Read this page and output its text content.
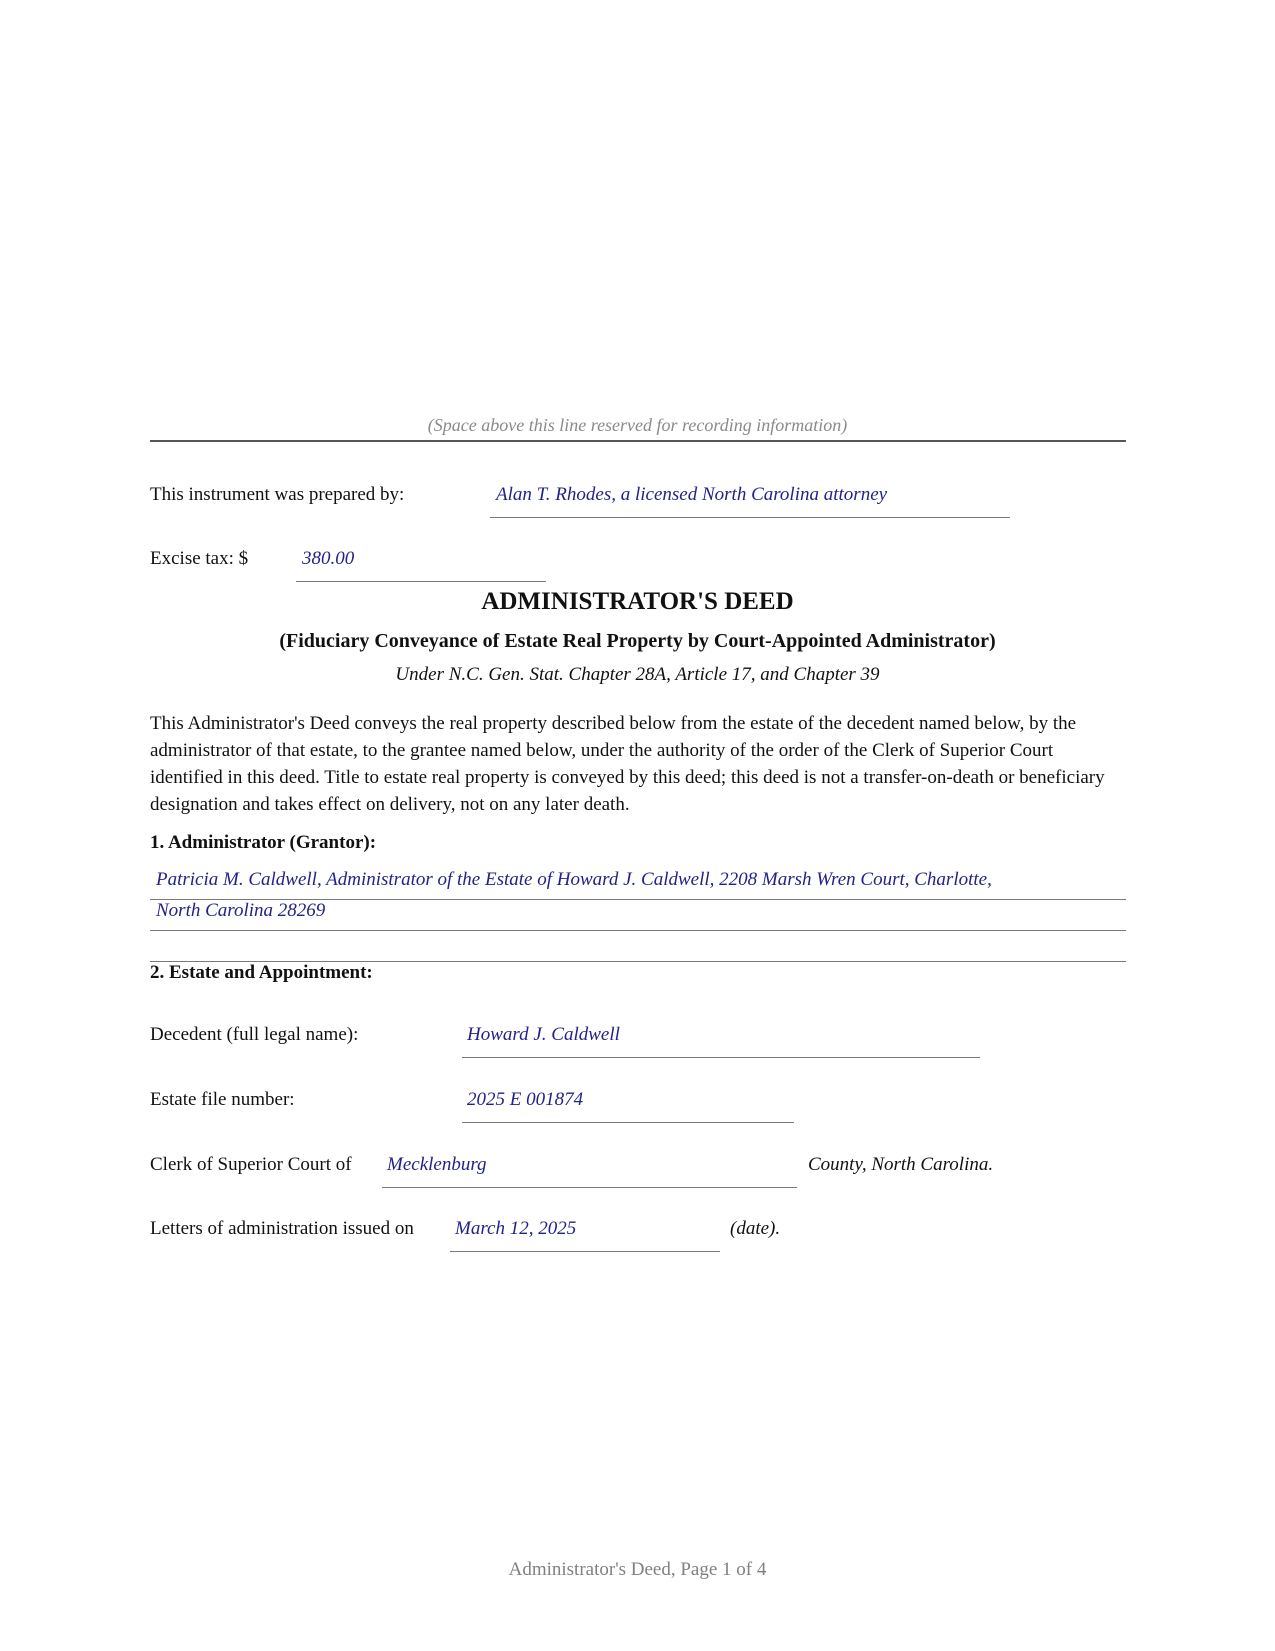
(Space above this line reserved for recording information)
This instrument was prepared by:	Alan T. Rhodes, a licensed North Carolina attorney
Excise tax: $	380.00
ADMINISTRATOR'S DEED
(Fiduciary Conveyance of Estate Real Property by Court-Appointed Administrator)
Under N.C. Gen. Stat. Chapter 28A, Article 17, and Chapter 39
This Administrator's Deed conveys the real property described below from the estate of the decedent named below, by the administrator of that estate, to the grantee named below, under the authority of the order of the Clerk of Superior Court identified in this deed. Title to estate real property is conveyed by this deed; this deed is not a transfer-on-death or beneficiary designation and takes effect on delivery, not on any later death.
1. Administrator (Grantor):
Patricia M. Caldwell, Administrator of the Estate of Howard J. Caldwell, 2208 Marsh Wren Court, Charlotte,
North Carolina 28269
2. Estate and Appointment:
Decedent (full legal name):	Howard J. Caldwell
Estate file number:	2025 E 001874
Clerk of Superior Court of Mecklenburg	County, North Carolina.
Letters of administration issued on March 12, 2025	(date).
Administrator's Deed, Page 1 of 4
